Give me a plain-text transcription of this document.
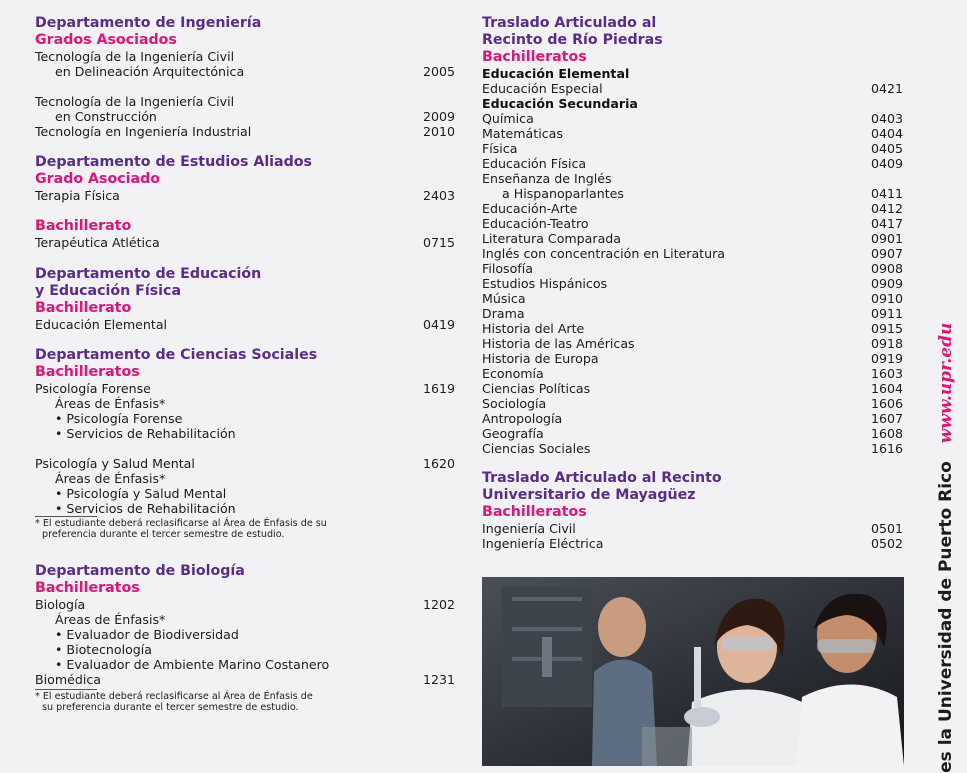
Departamento de Ingeniería
Grados Asociados
Tecnología de la Ingeniería Civil
en Delineación Arquitectónica	2005
Tecnología de la Ingeniería Civil
en Construcción	2009
Tecnología en Ingeniería Industrial	2010
Departamento de Estudios Aliados
Grado Asociado
Terapia Física	2403
Bachillerato
Terapéutica Atlética	0715
Departamento de Educación
y Educación Física
Bachillerato
Educación Elemental	0419
Departamento de Ciencias Sociales
Bachilleratos
Psicología Forense	1619
Áreas de Énfasis*
• Psicología Forense
• Servicios de Rehabilitación
Psicología y Salud Mental	1620
Áreas de Énfasis*
• Psicología y Salud Mental
• Servicios de Rehabilitación
* El estudiante deberá reclasificarse al Área de Énfasis de su
preferencia durante el tercer semestre de estudio.
Departamento de Biología
Bachilleratos
Biología	1202
Áreas de Énfasis*
• Evaluador de Biodiversidad
• Biotecnología
• Evaluador de Ambiente Marino Costanero
Biomédica	1231
* El estudiante deberá reclasificarse al Área de Énfasis de
su preferencia durante el tercer semestre de estudio.
Traslado Articulado al
Recinto de Río Piedras
Bachilleratos
Educación Elemental
Educación Especial	0421
Educación Secundaria
Química	0403
Matemáticas	0404
Física	0405
Educación Física	0409
Enseñanza de Inglés
a Hispanoparlantes	0411
Educación-Arte	0412
Educación-Teatro	0417
Literatura Comparada	0901
Inglés con concentración en Literatura	0907
Filosofía	0908
Estudios Hispánicos	0909
Música	0910
Drama	0911
Historia del Arte	0915
Historia de las Américas	0918
Historia de Europa	0919
Economía	1603
Ciencias Políticas	1604
Sociología	1606
Antropología	1607
Geografía	1608
Ciencias Sociales	1616
Traslado Articulado al Recinto
Universitario de Mayagüez
Bachilleratos
Ingeniería Civil	0501
Ingeniería Eléctrica	0502
www.upr.edu
es la Universidad de Puerto Rico
